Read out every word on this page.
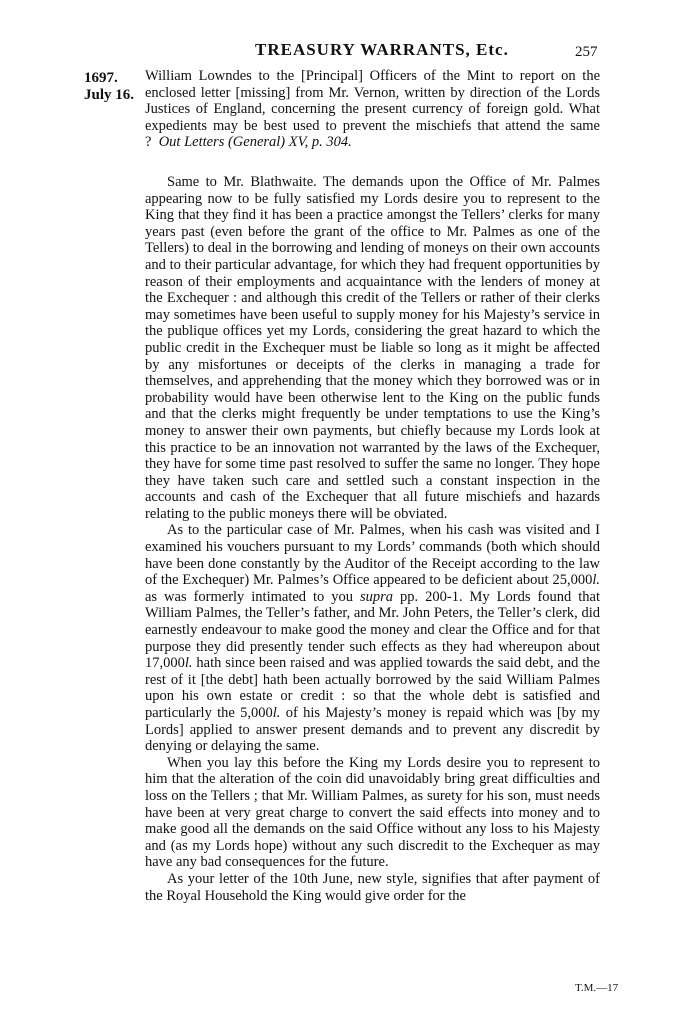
TREASURY WARRANTS, Etc.	257
1697.
July 16.

William Lowndes to the [Principal] Officers of the Mint to report on the enclosed letter [missing] from Mr. Vernon, written by direction of the Lords Justices of England, concerning the present currency of foreign gold. What expedients may be best used to prevent the mischiefs that attend the same ? Out Letters (General) XV, p. 304.

Same to Mr. Blathwaite. The demands upon the Office of Mr. Palmes appearing now to be fully satisfied my Lords desire you to represent to the King that they find it has been a practice amongst the Tellers’ clerks for many years past (even before the grant of the office to Mr. Palmes as one of the Tellers) to deal in the borrowing and lending of moneys on their own accounts and to their particular advantage, for which they had frequent opportunities by reason of their employments and acquaintance with the lenders of money at the Exchequer : and although this credit of the Tellers or rather of their clerks may sometimes have been useful to supply money for his Majesty’s service in the publique offices yet my Lords, considering the great hazard to which the public credit in the Exchequer must be liable so long as it might be affected by any misfortunes or deceipts of the clerks in managing a trade for themselves, and apprehending that the money which they borrowed was or in probability would have been otherwise lent to the King on the public funds and that the clerks might frequently be under temptations to use the King’s money to answer their own payments, but chiefly because my Lords look at this practice to be an innovation not warranted by the laws of the Exchequer, they have for some time past resolved to suffer the same no longer. They hope they have taken such care and settled such a constant inspection in the accounts and cash of the Exchequer that all future mischiefs and hazards relating to the public moneys there will be obviated.

As to the particular case of Mr. Palmes, when his cash was visited and I examined his vouchers pursuant to my Lords’ commands (both which should have been done constantly by the Auditor of the Receipt according to the law of the Exchequer) Mr. Palmes’s Office appeared to be deficient about 25,000l. as was formerly intimated to you supra pp. 200-1. My Lords found that William Palmes, the Teller’s father, and Mr. John Peters, the Teller’s clerk, did earnestly endeavour to make good the money and clear the Office and for that purpose they did presently tender such effects as they had whereupon about 17,000l. hath since been raised and was applied towards the said debt, and the rest of it [the debt] hath been actually borrowed by the said William Palmes upon his own estate or credit : so that the whole debt is satisfied and particularly the 5,000l. of his Majesty’s money is repaid which was [by my Lords] applied to answer present demands and to prevent any discredit by denying or delaying the same.

When you lay this before the King my Lords desire you to represent to him that the alteration of the coin did unavoidably bring great difficulties and loss on the Tellers ; that Mr. William Palmes, as surety for his son, must needs have been at very great charge to convert the said effects into money and to make good all the demands on the said Office without any loss to his Majesty and (as my Lords hope) without any such discredit to the Exchequer as may have any bad consequences for the future.

As your letter of the 10th June, new style, signifies that after payment of the Royal Household the King would give order for the

T.M.—17
